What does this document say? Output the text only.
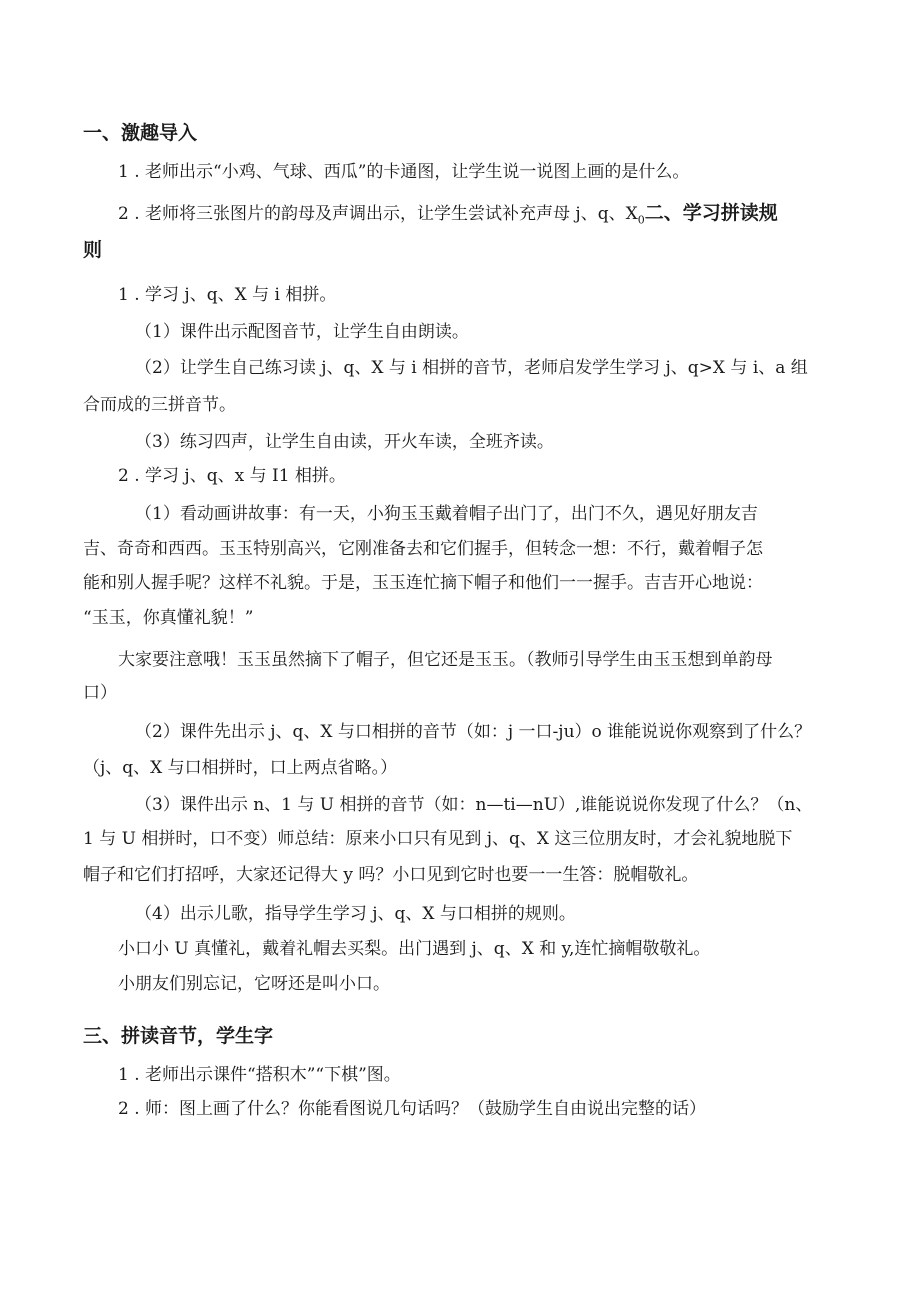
一、激趣导入
1 . 老师出示“小鸡、气球、西瓜”的卡通图，让学生说一说图上画的是什么。
2 . 老师将三张图片的韵母及声调出示，让学生尝试补充声母 j、q、$X_0$二、学习拼读规
则
1 . 学习 j、q、X 与 i 相拼。
（1）课件出示配图音节，让学生自由朗读。
（2）让学生自己练习读 j、q、X 与 i 相拼的音节，老师启发学生学习 j、q>X 与 i、a 组
合而成的三拼音节。
（3）练习四声，让学生自由读，开火车读，全班齐读。
2 . 学习 j、q、x 与 I1 相拼。
（1）看动画讲故事：有一天，小狗玉玉戴着帽子出门了，出门不久，遇见好朋友吉
吉、奇奇和西西。玉玉特别高兴，它刚准备去和它们握手，但转念一想：不行，戴着帽子怎
能和别人握手呢？这样不礼貌。于是，玉玉连忙摘下帽子和他们一一握手。吉吉开心地说：
“玉玉，你真懂礼貌！”
大家要注意哦！玉玉虽然摘下了帽子，但它还是玉玉。（教师引导学生由玉玉想到单韵母
口）
（2）课件先出示 j、q、X 与口相拼的音节（如：j 一口-ju）o 谁能说说你观察到了什么？
（j、q、X 与口相拼时，口上两点省略。）
（3）课件出示 n、1 与 U 相拼的音节（如：n—ti—nU）,谁能说说你发现了什么？（n、
1 与 U 相拼时，口不变）师总结：原来小口只有见到 j、q、X 这三位朋友时，才会礼貌地脱下
帽子和它们打招呼，大家还记得大 y 吗？小口见到它时也要一一生答：脱帽敬礼。
（4）出示儿歌，指导学生学习 j、q、X 与口相拼的规则。
小口小 U 真懂礼，戴着礼帽去买梨。出门遇到 j、q、X 和 y,连忙摘帽敬敬礼。
小朋友们别忘记，它呀还是叫小口。
三、拼读音节，学生字
1 . 老师出示课件“搭积木”“下棋”图。
2 . 师：图上画了什么？你能看图说几句话吗？（鼓励学生自由说出完整的话）
